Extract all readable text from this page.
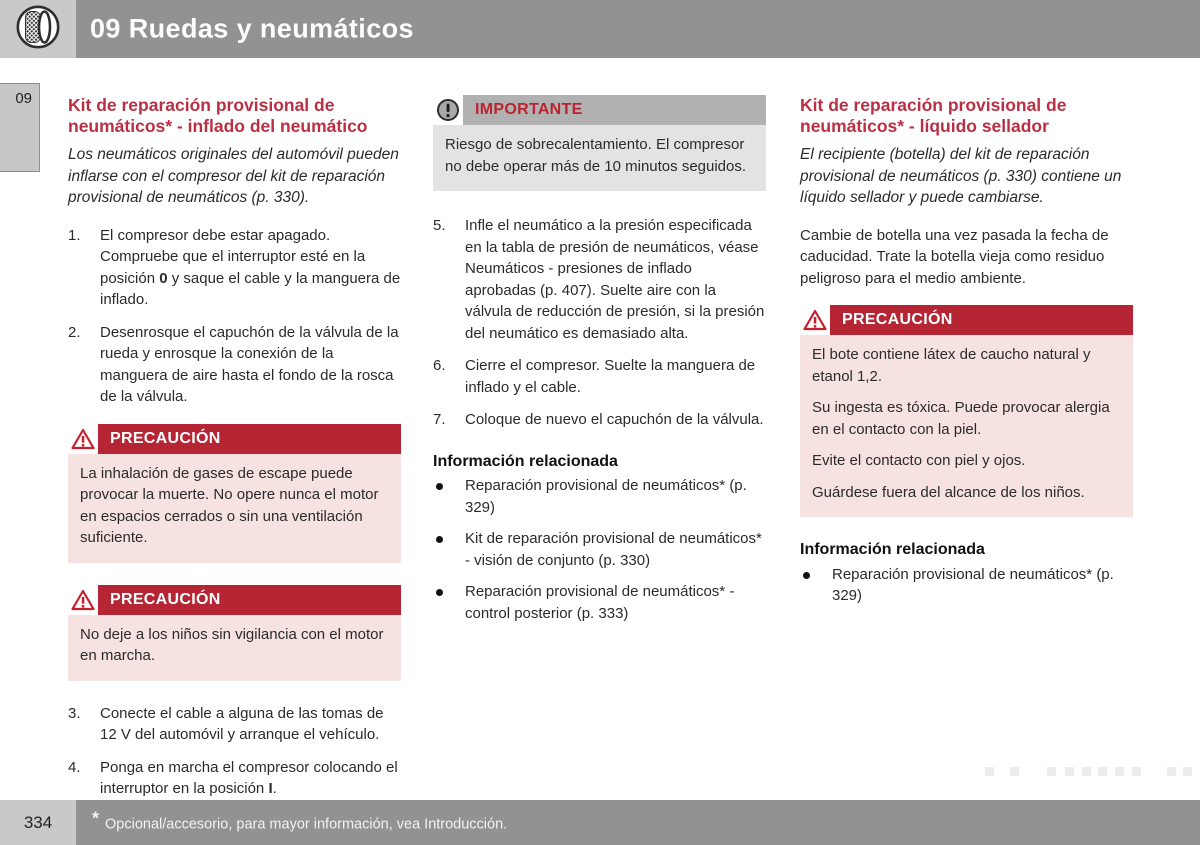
09 Ruedas y neumáticos
09	Kit de reparación provisional de neumáticos* - inflado del neumático

Los neumáticos originales del automóvil pueden inflarse con el compresor del kit de reparación provisional de neumáticos (p. 330).

1. El compresor debe estar apagado. Compruebe que el interruptor esté en la posición 0 y saque el cable y la manguera de inflado.
2. Desenrosque el capuchón de la válvula de la rueda y enrosque la conexión de la manguera de aire hasta el fondo de la rosca de la válvula.
PRECAUCIÓN

La inhalación de gases de escape puede provocar la muerte. No opere nunca el motor en espacios cerrados o sin una ventilación suficiente.

PRECAUCIÓN

No deje a los niños sin vigilancia con el motor en marcha.

3. Conecte el cable a alguna de las tomas de 12 V del automóvil y arranque el vehículo.
4. Ponga en marcha el compresor colocando el interruptor en la posición I.
IMPORTANTE

Riesgo de sobrecalentamiento. El compresor no debe operar más de 10 minutos seguidos.

5. Infle el neumático a la presión especificada en la tabla de presión de neumáticos, véase Neumáticos - presiones de inflado aprobadas (p. 407). Suelte aire con la válvula de reducción de presión, si la presión del neumático es demasiado alta.
6. Cierre el compresor. Suelte la manguera de inflado y el cable.
7. Coloque de nuevo el capuchón de la válvula.
Información relacionada
Reparación provisional de neumáticos* (p. 329)
Kit de reparación provisional de neumáticos* - visión de conjunto (p. 330)
Reparación provisional de neumáticos* - control posterior (p. 333)
Kit de reparación provisional de neumáticos* - líquido sellador

El recipiente (botella) del kit de reparación provisional de neumáticos (p. 330) contiene un líquido sellador y puede cambiarse.

Cambie de botella una vez pasada la fecha de caducidad. Trate la botella vieja como residuo peligroso para el medio ambiente.

PRECAUCIÓN

El bote contiene látex de caucho natural y etanol 1,2.

Su ingesta es tóxica. Puede provocar alergia en el contacto con la piel.

Evite el contacto con piel y ojos.

Guárdese fuera del alcance de los niños.

Información relacionada
Reparación provisional de neumáticos* (p. 329)
334	* Opcional/accesorio, para mayor información, vea Introducción.
